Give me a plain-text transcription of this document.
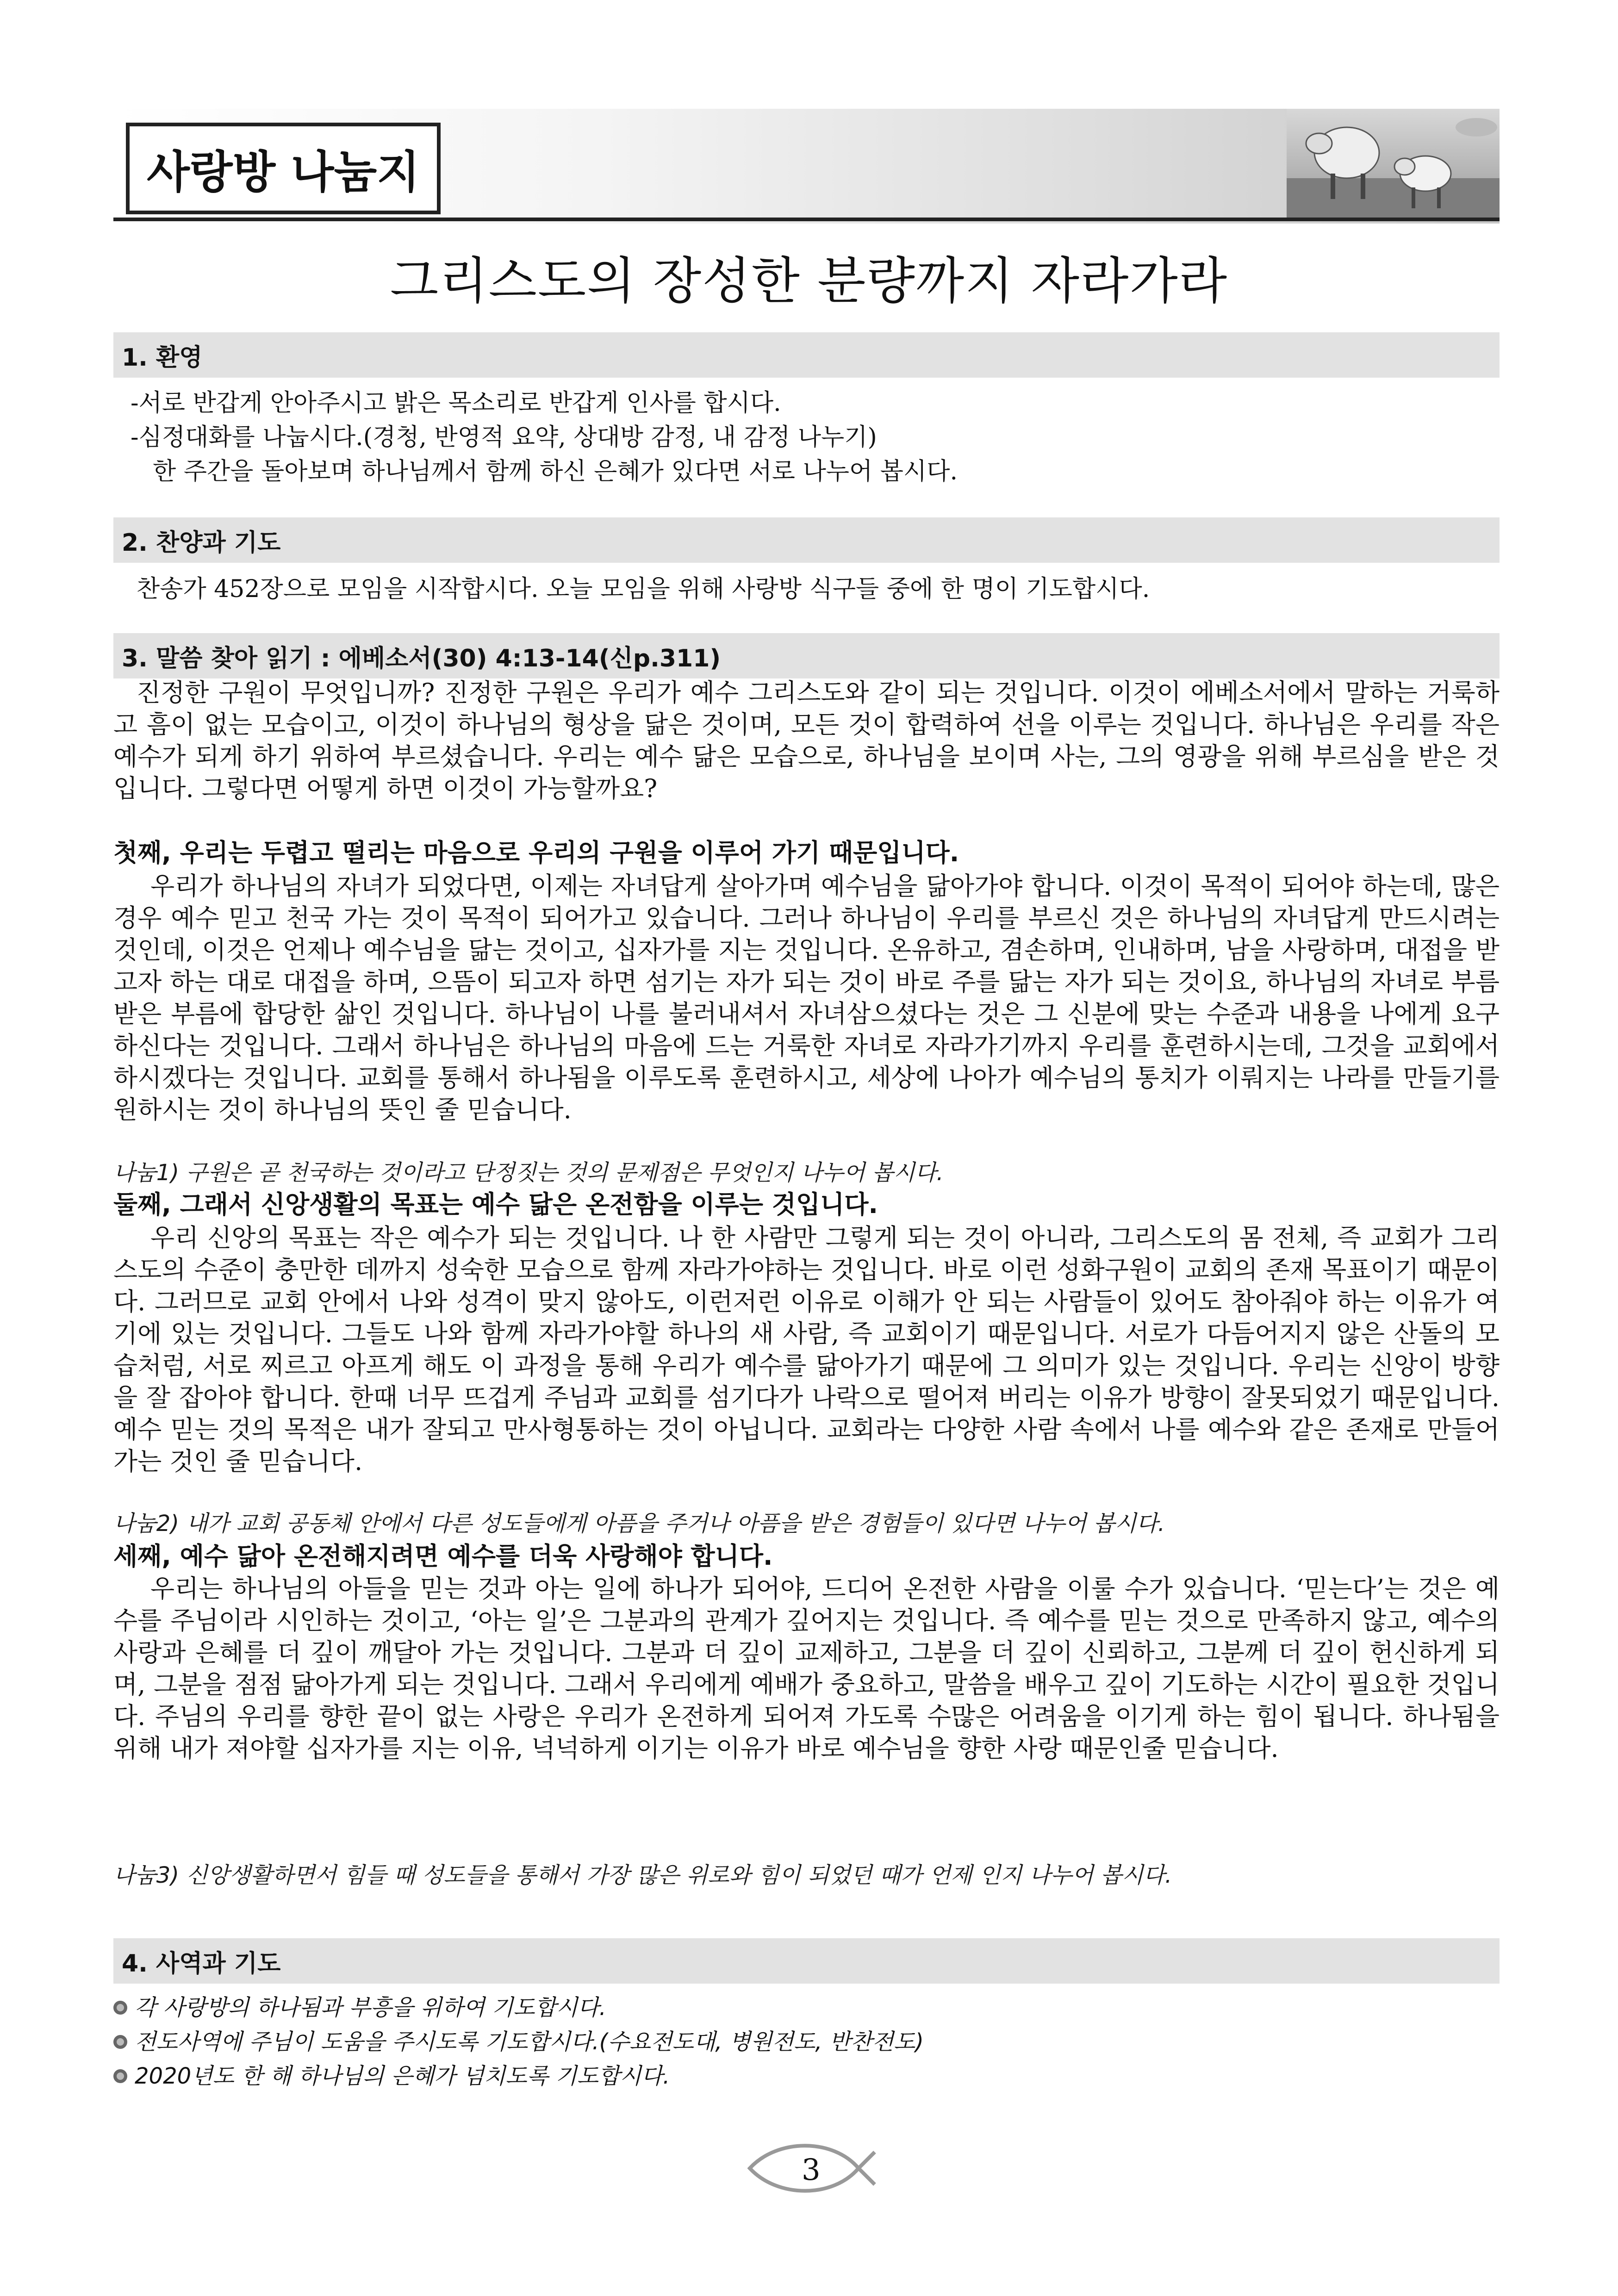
사랑방 나눔지
그리스도의 장성한 분량까지 자라가라
1. 환영
-서로 반갑게 안아주시고 밝은 목소리로 반갑게 인사를 합시다.
-심정대화를 나눕시다.(경청, 반영적 요약, 상대방 감정, 내 감정 나누기)
한 주간을 돌아보며 하나님께서 함께 하신 은혜가 있다면 서로 나누어 봅시다.
2. 찬양과 기도
찬송가 452장으로 모임을 시작합시다. 오늘 모임을 위해 사랑방 식구들 중에 한 명이 기도합시다.
3. 말씀 찾아 읽기 : 에베소서(30) 4:13-14(신p.311)
진정한 구원이 무엇입니까? 진정한 구원은 우리가 예수 그리스도와 같이 되는 것입니다. 이것이 에베소서에서 말하는 거룩하고 흠이 없는 모습이고, 이것이 하나님의 형상을 닮은 것이며, 모든 것이 합력하여 선을 이루는 것입니다. 하나님은 우리를 작은 예수가 되게 하기 위하여 부르셨습니다. 우리는 예수 닮은 모습으로, 하나님을 보이며 사는, 그의 영광을 위해 부르심을 받은 것입니다. 그렇다면 어떻게 하면 이것이 가능할까요?
첫째, 우리는 두렵고 떨리는 마음으로 우리의 구원을 이루어 가기 때문입니다.
우리가 하나님의 자녀가 되었다면, 이제는 자녀답게 살아가며 예수님을 닮아가야 합니다. 이것이 목적이 되어야 하는데, 많은 경우 예수 믿고 천국 가는 것이 목적이 되어가고 있습니다. 그러나 하나님이 우리를 부르신 것은 하나님의 자녀답게 만드시려는 것인데, 이것은 언제나 예수님을 닮는 것이고, 십자가를 지는 것입니다. 온유하고, 겸손하며, 인내하며, 남을 사랑하며, 대접을 받고자 하는 대로 대접을 하며, 으뜸이 되고자 하면 섬기는 자가 되는 것이 바로 주를 닮는 자가 되는 것이요, 하나님의 자녀로 부름받은 부름에 합당한 삶인 것입니다. 하나님이 나를 불러내셔서 자녀삼으셨다는 것은 그 신분에 맞는 수준과 내용을 나에게 요구하신다는 것입니다. 그래서 하나님은 하나님의 마음에 드는 거룩한 자녀로 자라가기까지 우리를 훈련하시는데, 그것을 교회에서 하시겠다는 것입니다. 교회를 통해서 하나됨을 이루도록 훈련하시고, 세상에 나아가 예수님의 통치가 이뤄지는 나라를 만들기를 원하시는 것이 하나님의 뜻인 줄 믿습니다.
나눔1) 구원은 곧 천국하는 것이라고 단정짓는 것의 문제점은 무엇인지 나누어 봅시다.
둘째, 그래서 신앙생활의 목표는 예수 닮은 온전함을 이루는 것입니다.
우리 신앙의 목표는 작은 예수가 되는 것입니다. 나 한 사람만 그렇게 되는 것이 아니라, 그리스도의 몸 전체, 즉 교회가 그리스도의 수준이 충만한 데까지 성숙한 모습으로 함께 자라가야하는 것입니다. 바로 이런 성화구원이 교회의 존재 목표이기 때문이다. 그러므로 교회 안에서 나와 성격이 맞지 않아도, 이런저런 이유로 이해가 안 되는 사람들이 있어도 참아줘야 하는 이유가 여기에 있는 것입니다. 그들도 나와 함께 자라가야할 하나의 새 사람, 즉 교회이기 때문입니다. 서로가 다듬어지지 않은 산돌의 모습처럼, 서로 찌르고 아프게 해도 이 과정을 통해 우리가 예수를 닮아가기 때문에 그 의미가 있는 것입니다. 우리는 신앙이 방향을 잘 잡아야 합니다. 한때 너무 뜨겁게 주님과 교회를 섬기다가 나락으로 떨어져 버리는 이유가 방향이 잘못되었기 때문입니다. 예수 믿는 것의 목적은 내가 잘되고 만사형통하는 것이 아닙니다. 교회라는 다양한 사람 속에서 나를 예수와 같은 존재로 만들어가는 것인 줄 믿습니다.
나눔2) 내가 교회 공동체 안에서 다른 성도들에게 아픔을 주거나 아픔을 받은 경험들이 있다면 나누어 봅시다.
세째, 예수 닮아 온전해지려면 예수를 더욱 사랑해야 합니다.
우리는 하나님의 아들을 믿는 것과 아는 일에 하나가 되어야, 드디어 온전한 사람을 이룰 수가 있습니다. ‘믿는다’는 것은 예수를 주님이라 시인하는 것이고, ‘아는 일’은 그분과의 관계가 깊어지는 것입니다. 즉 예수를 믿는 것으로 만족하지 않고, 예수의 사랑과 은혜를 더 깊이 깨달아 가는 것입니다. 그분과 더 깊이 교제하고, 그분을 더 깊이 신뢰하고, 그분께 더 깊이 헌신하게 되며, 그분을 점점 닮아가게 되는 것입니다. 그래서 우리에게 예배가 중요하고, 말씀을 배우고 깊이 기도하는 시간이 필요한 것입니다. 주님의 우리를 향한 끝이 없는 사랑은 우리가 온전하게 되어져 가도록 수많은 어려움을 이기게 하는 힘이 됩니다. 하나됨을 위해 내가 져야할 십자가를 지는 이유, 넉넉하게 이기는 이유가 바로 예수님을 향한 사랑 때문인줄 믿습니다.
나눔3) 신앙생활하면서 힘들 때 성도들을 통해서 가장 많은 위로와 힘이 되었던 때가 언제 인지 나누어 봅시다.
4. 사역과 기도
각 사랑방의 하나됨과 부흥을 위하여 기도합시다.
전도사역에 주님이 도움을 주시도록 기도합시다.(수요전도대, 병원전도, 반찬전도)
2020년도 한 해 하나님의 은혜가 넘치도록 기도합시다.
3
